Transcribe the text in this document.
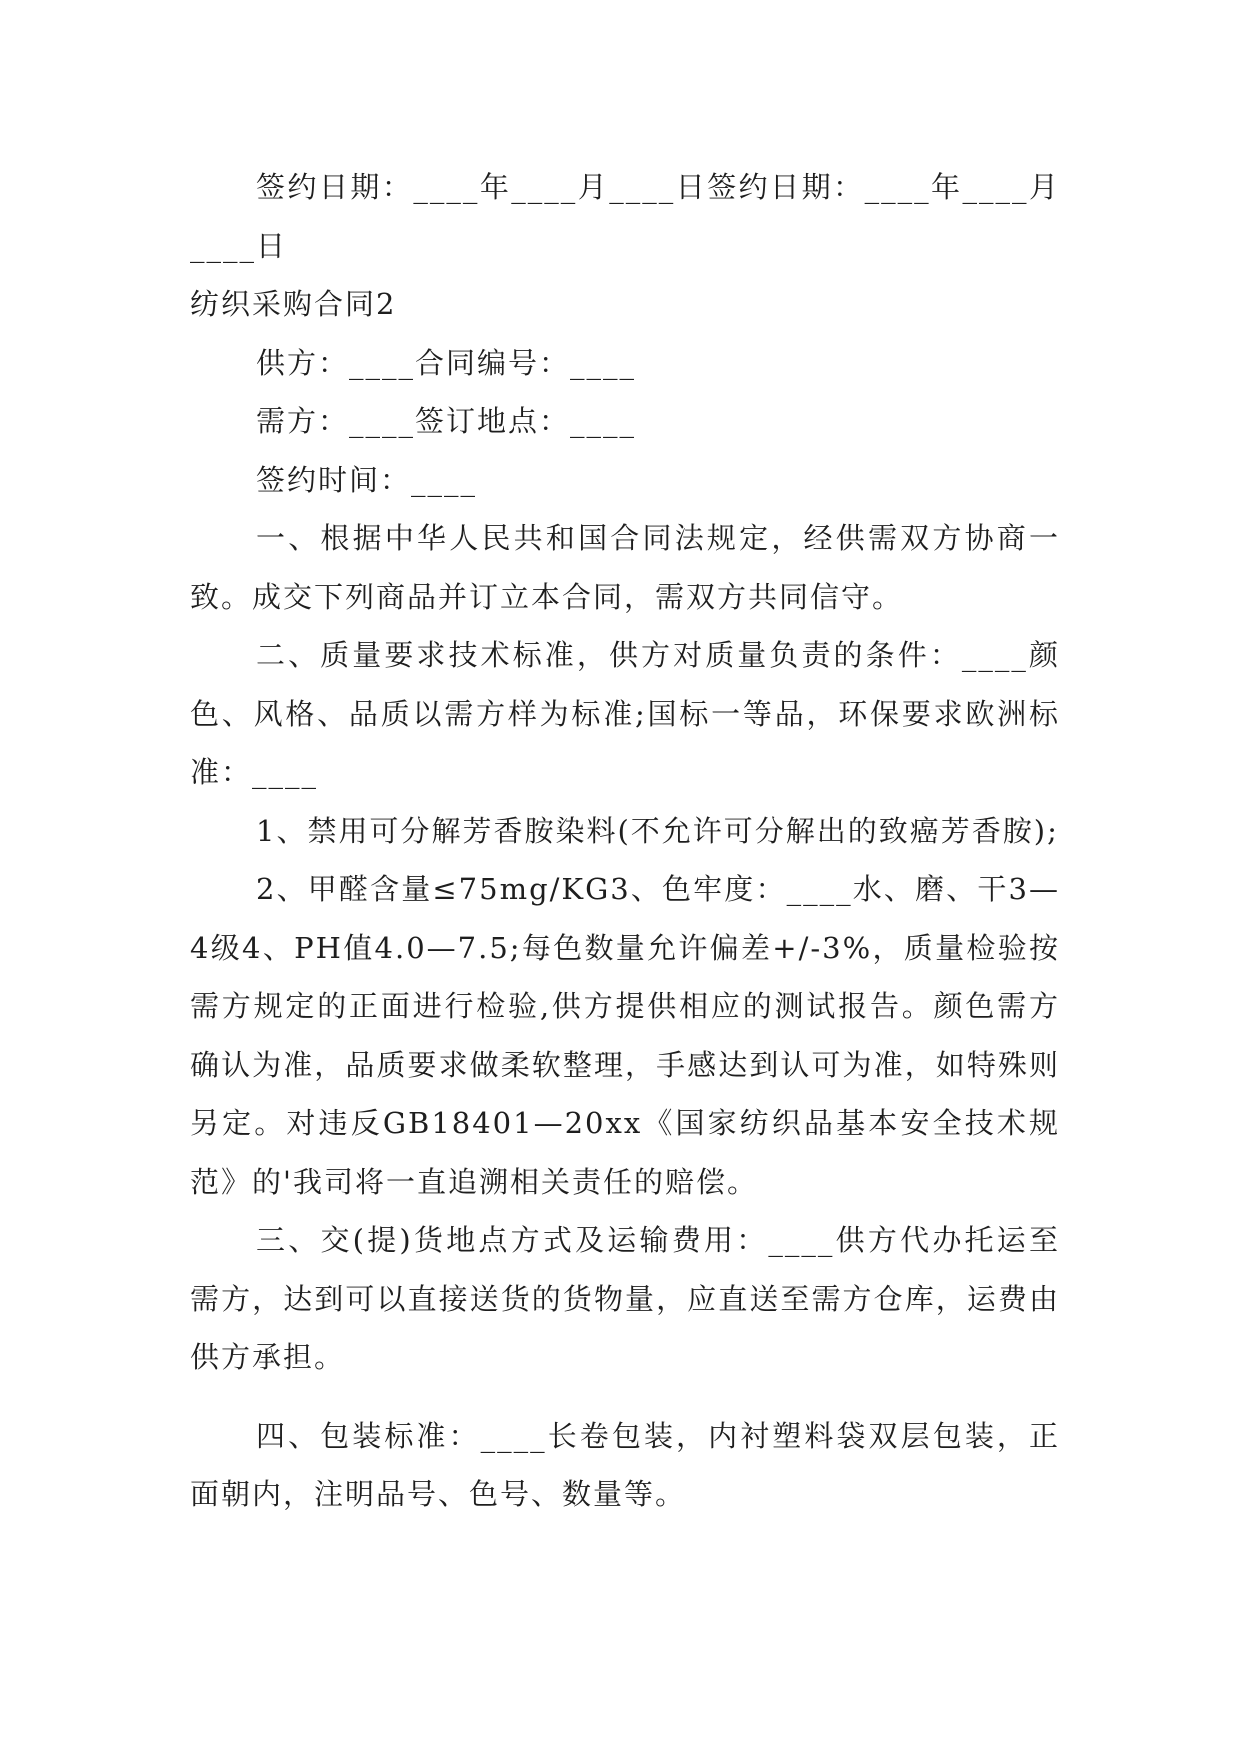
签约日期：____年____月____日签约日期：____年____月____日

纺织采购合同2

供方：____合同编号：____

需方：____签订地点：____

签约时间：____

一、根据中华人民共和国合同法规定，经供需双方协商一致。成交下列商品并订立本合同，需双方共同信守。

二、质量要求技术标准，供方对质量负责的条件：____颜色、风格、品质以需方样为标准;国标一等品，环保要求欧洲标准：____

1、禁用可分解芳香胺染料(不允许可分解出的致癌芳香胺);

2、甲醛含量≤75mg/KG3、色牢度：____水、磨、干3—4级4、PH值4.0—7.5;每色数量允许偏差+/-3%，质量检验按需方规定的正面进行检验,供方提供相应的测试报告。颜色需方确认为准，品质要求做柔软整理，手感达到认可为准，如特殊则另定。对违反GB18401—20xx《国家纺织品基本安全技术规范》的'我司将一直追溯相关责任的赔偿。

三、交(提)货地点方式及运输费用：____供方代办托运至需方，达到可以直接送货的货物量，应直送至需方仓库，运费由供方承担。

四、包装标准：____长卷包装，内衬塑料袋双层包装，正面朝内，注明品号、色号、数量等。
